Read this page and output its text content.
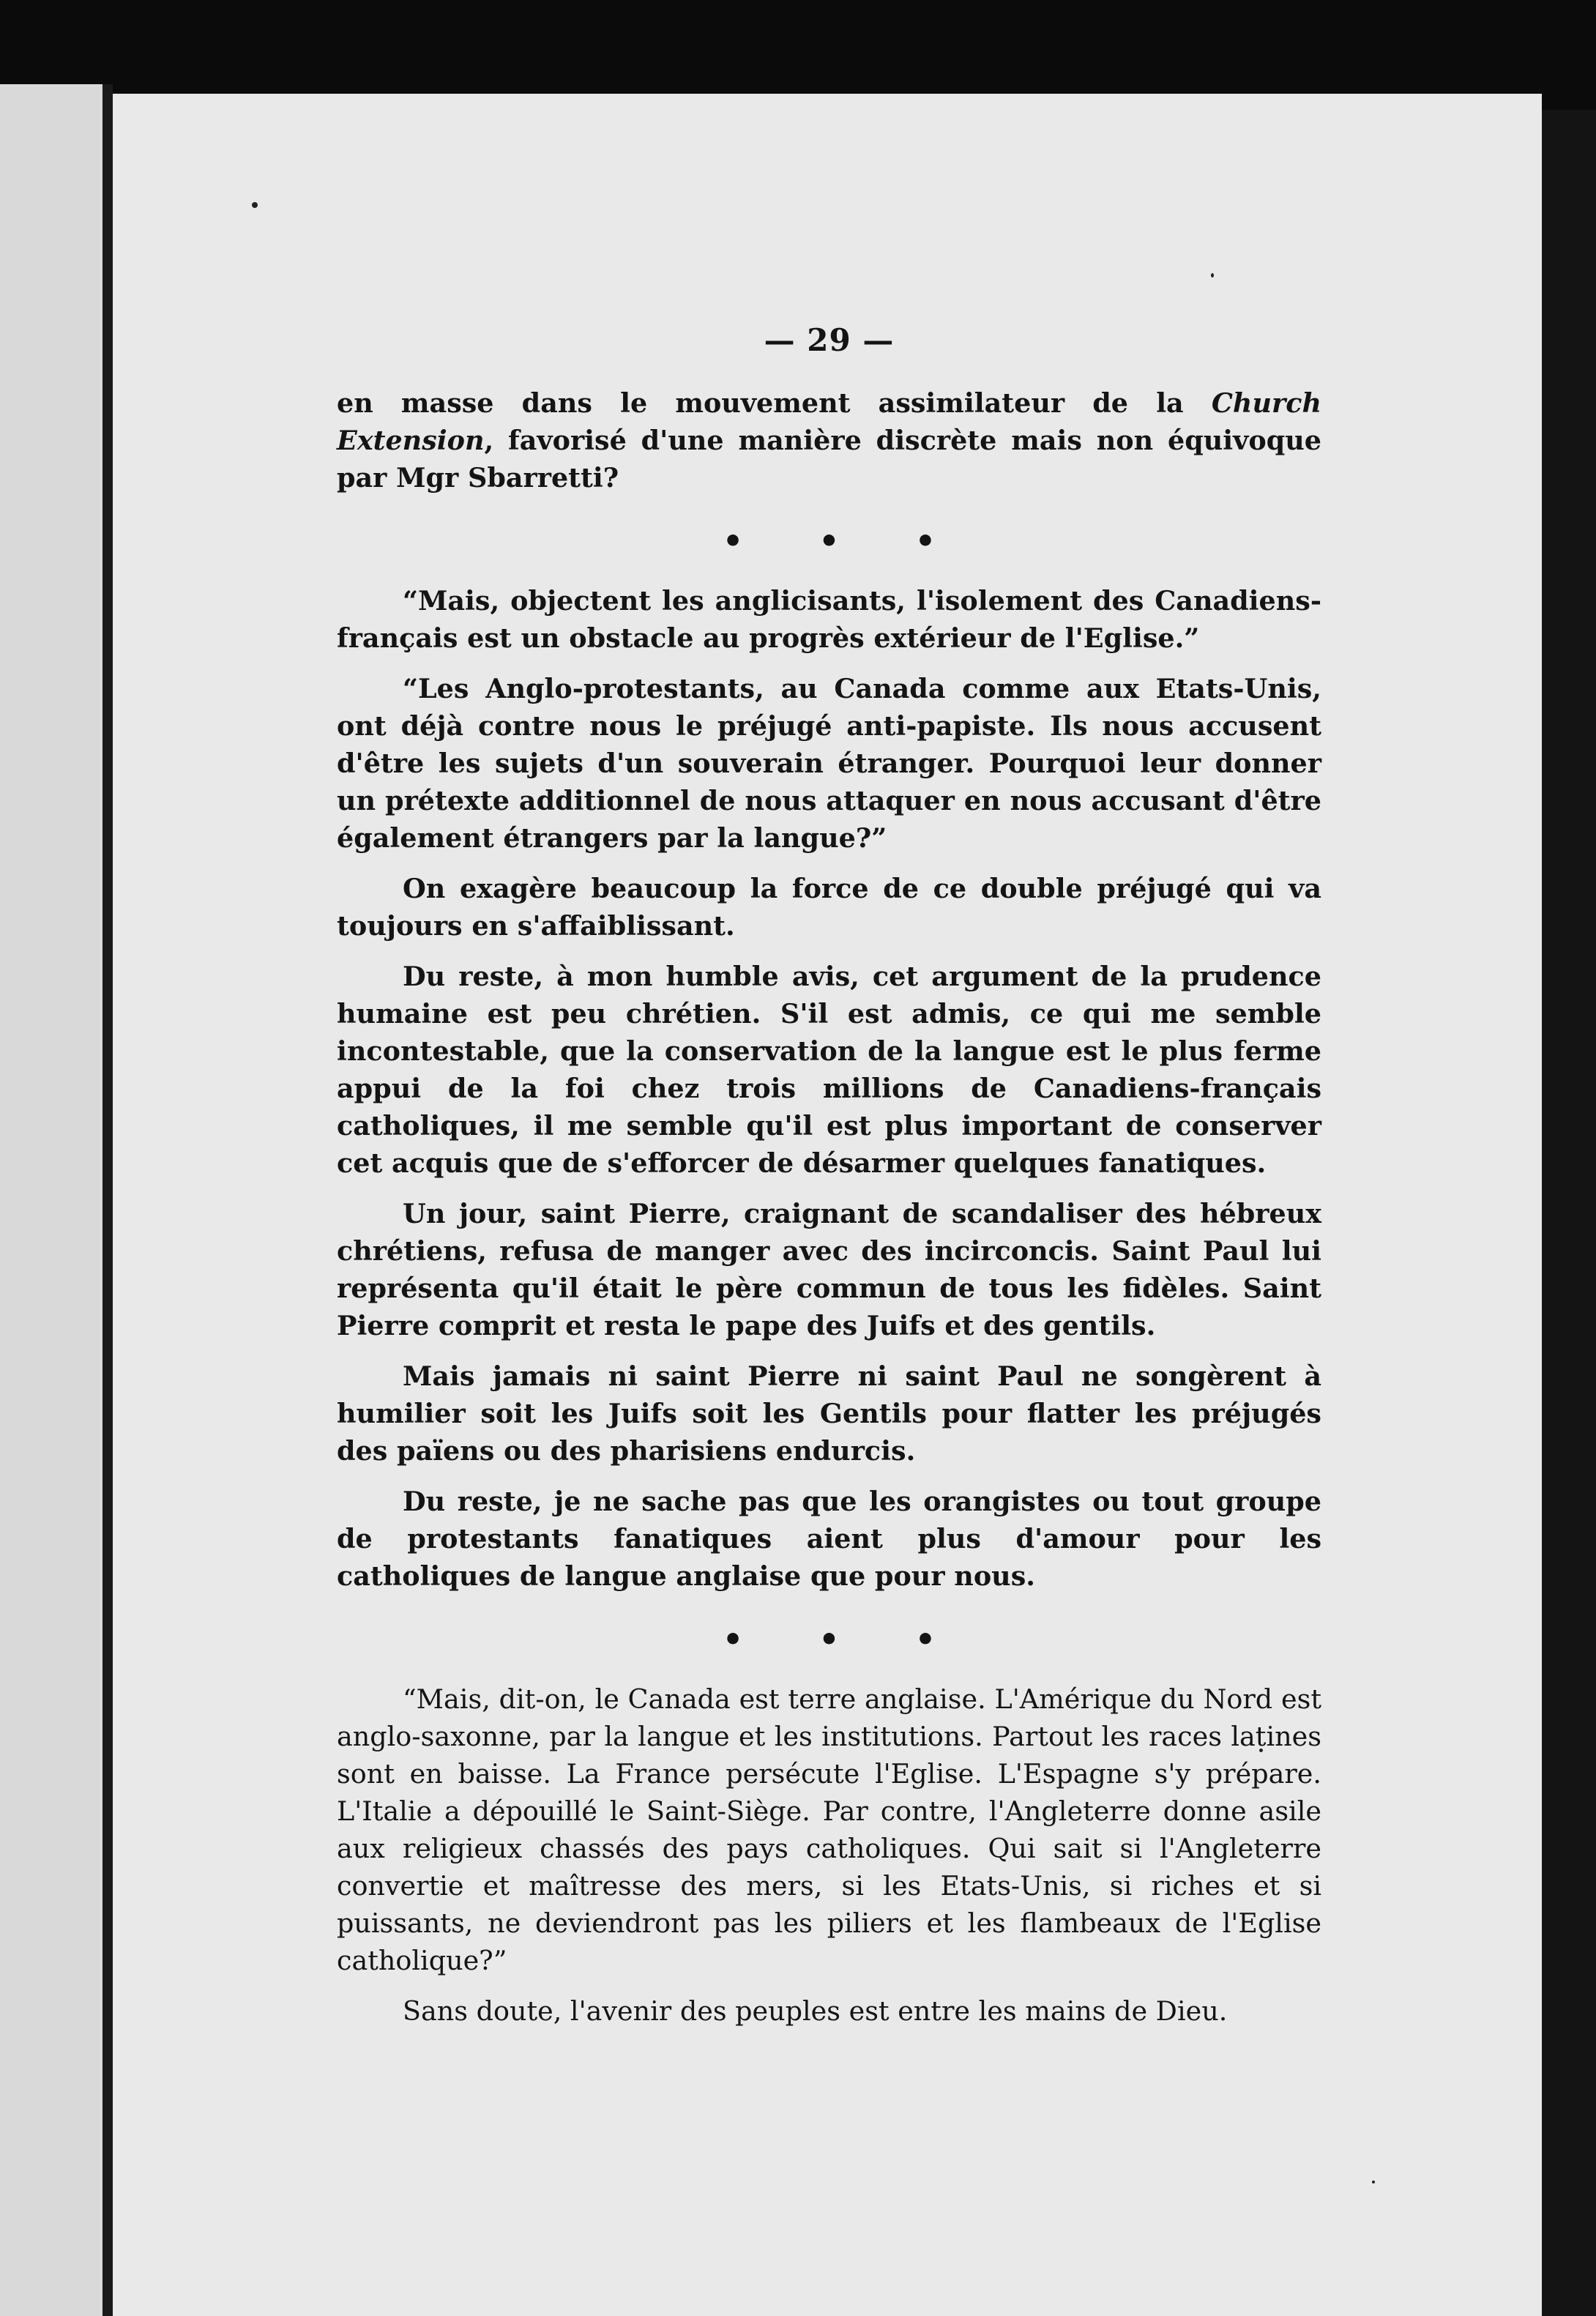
— 29 —

en masse dans le mouvement assimilateur de la Church Extension, favorisé d'une manière discrète mais non équivoque par Mgr Sbarretti?

• • •

“Mais, objectent les anglicisants, l'isolement des Canadiens-français est un obstacle au progrès extérieur de l'Eglise.”

“Les Anglo-protestants, au Canada comme aux Etats-Unis, ont déjà contre nous le préjugé anti-papiste. Ils nous accusent d'être les sujets d'un souverain étranger. Pourquoi leur donner un prétexte additionnel de nous attaquer en nous accusant d'être également étrangers par la langue?”

On exagère beaucoup la force de ce double préjugé qui va toujours en s'affaiblissant.

Du reste, à mon humble avis, cet argument de la prudence humaine est peu chrétien. S'il est admis, ce qui me semble incontestable, que la conservation de la langue est le plus ferme appui de la foi chez trois millions de Canadiens-français catholiques, il me semble qu'il est plus important de conserver cet acquis que de s'efforcer de désarmer quelques fanatiques.

Un jour, saint Pierre, craignant de scandaliser des hébreux chrétiens, refusa de manger avec des incirconcis. Saint Paul lui représenta qu'il était le père commun de tous les fidèles. Saint Pierre comprit et resta le pape des Juifs et des gentils.

Mais jamais ni saint Pierre ni saint Paul ne songèrent à humilier soit les Juifs soit les Gentils pour flatter les préjugés des païens ou des pharisiens endurcis.

Du reste, je ne sache pas que les orangistes ou tout groupe de protestants fanatiques aient plus d'amour pour les catholiques de langue anglaise que pour nous.

• • •

“Mais, dit-on, le Canada est terre anglaise. L'Amérique du Nord est anglo-saxonne, par la langue et les institutions. Partout les races latines sont en baisse. La France persécute l'Eglise. L'Espagne s'y prépare. L'Italie a dépouillé le Saint-Siège. Par contre, l'Angleterre donne asile aux religieux chassés des pays catholiques. Qui sait si l'Angleterre convertie et maîtresse des mers, si les Etats-Unis, si riches et si puissants, ne deviendront pas les piliers et les flambeaux de l'Eglise catholique?”

Sans doute, l'avenir des peuples est entre les mains de Dieu.
